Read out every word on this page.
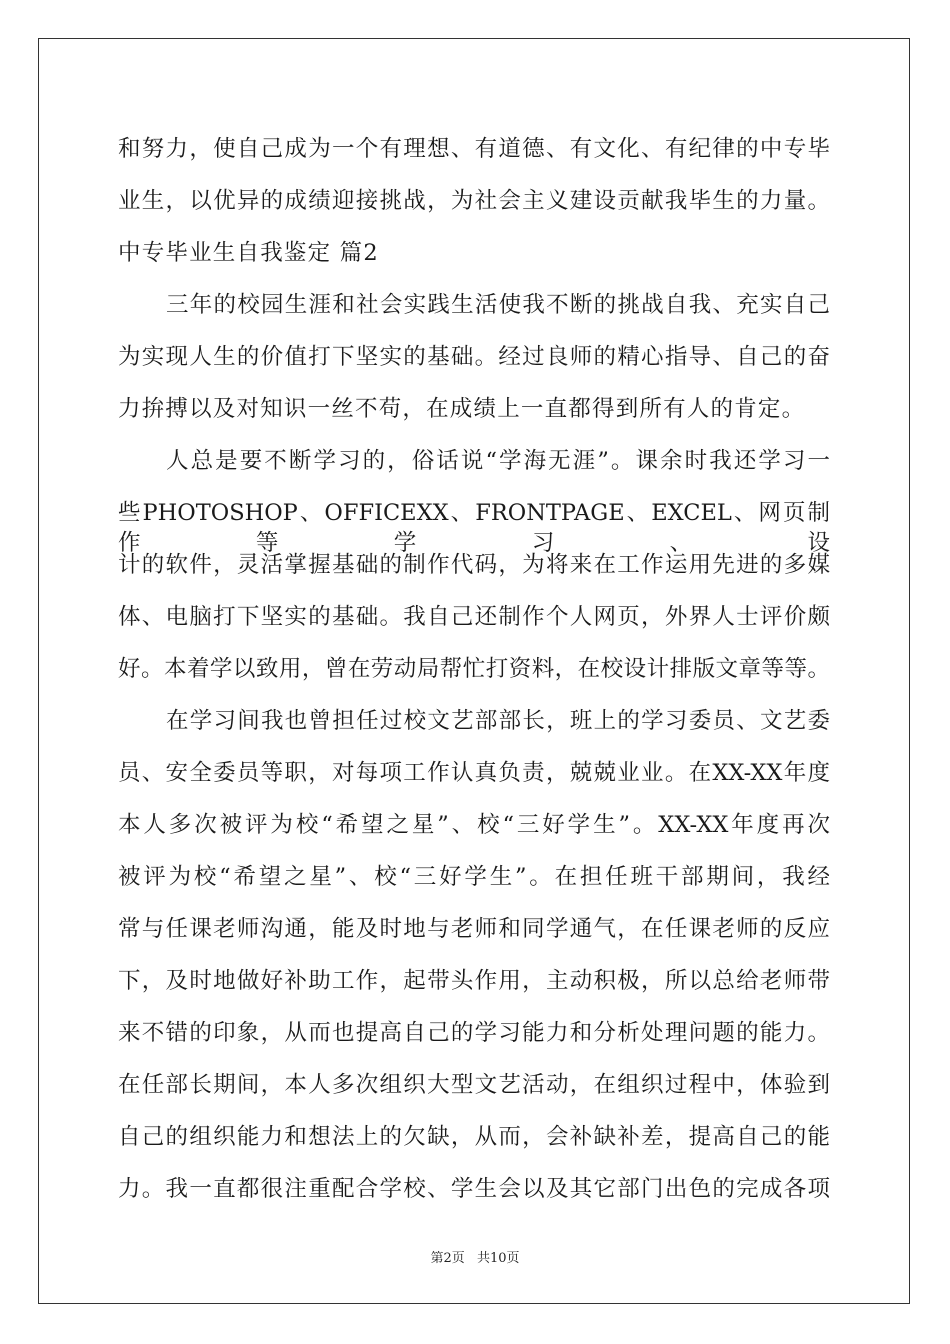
和努力，使自己成为一个有理想、有道德、有文化、有纪律的中专毕
业生，以优异的成绩迎接挑战，为社会主义建设贡献我毕生的力量。
中专毕业生自我鉴定 篇2
三年的校园生涯和社会实践生活使我不断的挑战自我、充实自己
为实现人生的价值打下坚实的基础。经过良师的精心指导、自己的奋
力拚搏以及对知识一丝不苟，在成绩上一直都得到所有人的肯定。
人总是要不断学习的，俗话说“学海无涯”。课余时我还学习一
些PHOTOSHOP、OFFICEXX、FRONTPAGE、EXCEL、网页制作等学习、设
计的软件，灵活掌握基础的制作代码，为将来在工作运用先进的多媒
体、电脑打下坚实的基础。我自己还制作个人网页，外界人士评价颇
好。本着学以致用，曾在劳动局帮忙打资料，在校设计排版文章等等。
在学习间我也曾担任过校文艺部部长，班上的学习委员、文艺委
员、安全委员等职，对每项工作认真负责，兢兢业业。在XX-XX年度
本人多次被评为校“希望之星”、校“三好学生”。XX-XX年度再次
被评为校“希望之星”、校“三好学生”。在担任班干部期间，我经
常与任课老师沟通，能及时地与老师和同学通气，在任课老师的反应
下，及时地做好补助工作，起带头作用，主动积极，所以总给老师带
来不错的印象，从而也提高自己的学习能力和分析处理问题的能力。
在任部长期间，本人多次组织大型文艺活动，在组织过程中，体验到
自己的组织能力和想法上的欠缺，从而，会补缺补差，提高自己的能
力。我一直都很注重配合学校、学生会以及其它部门出色的完成各项
第2页 共10页
